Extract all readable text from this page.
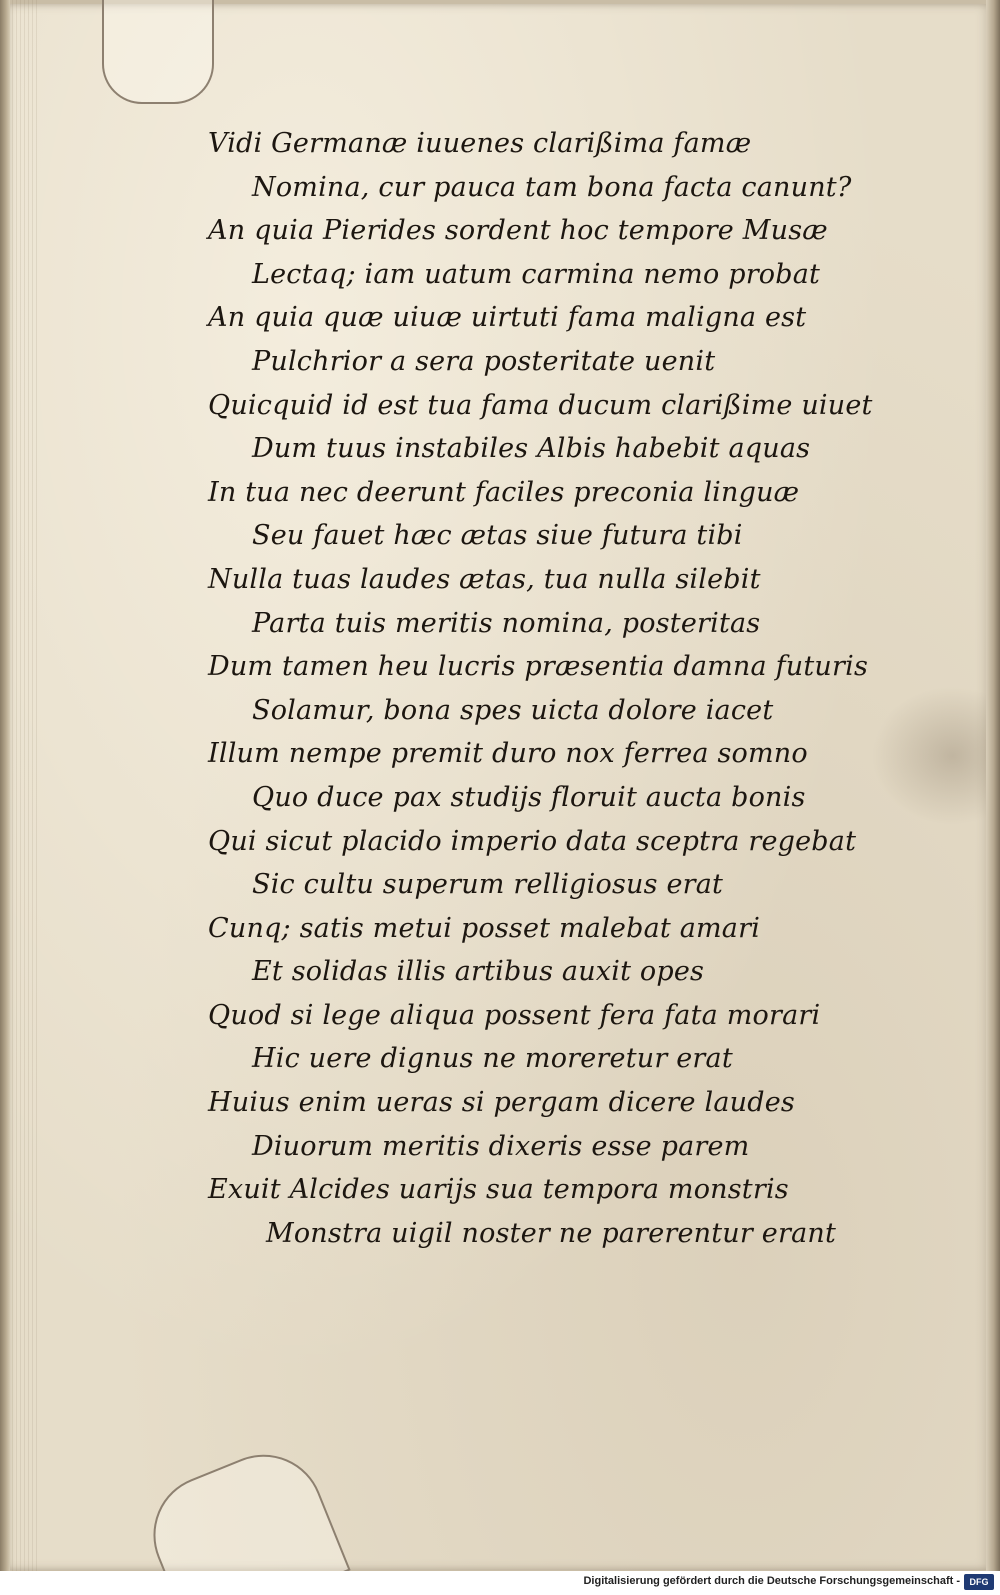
Vidi Germanæ iuuenes clarißima famæ
Nomina, cur pauca tam bona facta canunt?
An quia Pierides sordent hoc tempore Musæ
Lectaq; iam uatum carmina nemo probat
An quia quæ uiuæ uirtuti fama maligna est
Pulchrior a sera posteritate uenit
Quicquid id est tua fama ducum clarißime uiuet
Dum tuus instabiles Albis habebit aquas
In tua nec deerunt faciles preconia linguæ
Seu fauet hæc ætas siue futura tibi
Nulla tuas laudes ætas, tua nulla silebit
Parta tuis meritis nomina, posteritas
Dum tamen heu lucris præsentia damna futuris
Solamur, bona spes uicta dolore iacet
Illum nempe premit duro nox ferrea somno
Quo duce pax studijs floruit aucta bonis
Qui sicut placido imperio data sceptra regebat
Sic cultu superum relligiosus erat
Cunq; satis metui posset malebat amari
Et solidas illis artibus auxit opes
Quod si lege aliqua possent fera fata morari
Hic uere dignus ne moreretur erat
Huius enim ueras si pergam dicere laudes
Diuorum meritis dixeris esse parem
Exuit Alcides uarijs sua tempora monstris
Monstra uigil noster ne parerentur erant
Digitalisierung gefördert durch die Deutsche Forschungsgemeinschaft -	DFG
